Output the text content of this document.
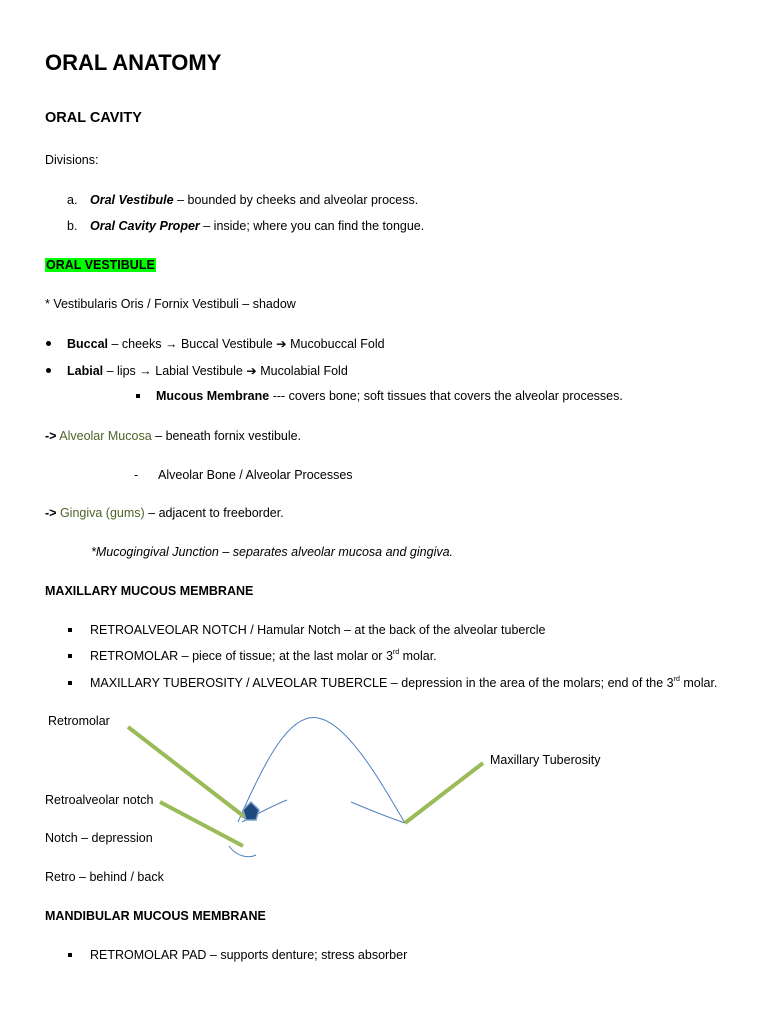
ORAL ANATOMY
ORAL CAVITY
Divisions:
a. Oral Vestibule – bounded by cheeks and alveolar process.
b. Oral Cavity Proper – inside; where you can find the tongue.
ORAL VESTIBULE
* Vestibularis Oris / Fornix Vestibuli – shadow
Buccal – cheeks → Buccal Vestibule ➔ Mucobuccal Fold
Labial – lips → Labial Vestibule ➔ Mucolabial Fold
Mucous Membrane --- covers bone; soft tissues that covers the alveolar processes.
-> Alveolar Mucosa – beneath fornix vestibule.
- Alveolar Bone / Alveolar Processes
-> Gingiva (gums) – adjacent to freeborder.
*Mucogingival Junction – separates alveolar mucosa and gingiva.
MAXILLARY MUCOUS MEMBRANE
RETROALVEOLAR NOTCH / Hamular Notch – at the back of the alveolar tubercle
RETROMOLAR – piece of tissue; at the last molar or 3rd molar.
MAXILLARY TUBEROSITY / ALVEOLAR TUBERCLE – depression in the area of the molars; end of the 3rd molar.
Retromolar
Maxillary Tuberosity
Retroalveolar notch
Notch – depression
Retro – behind / back
MANDIBULAR MUCOUS MEMBRANE
RETROMOLAR PAD – supports denture; stress absorber
